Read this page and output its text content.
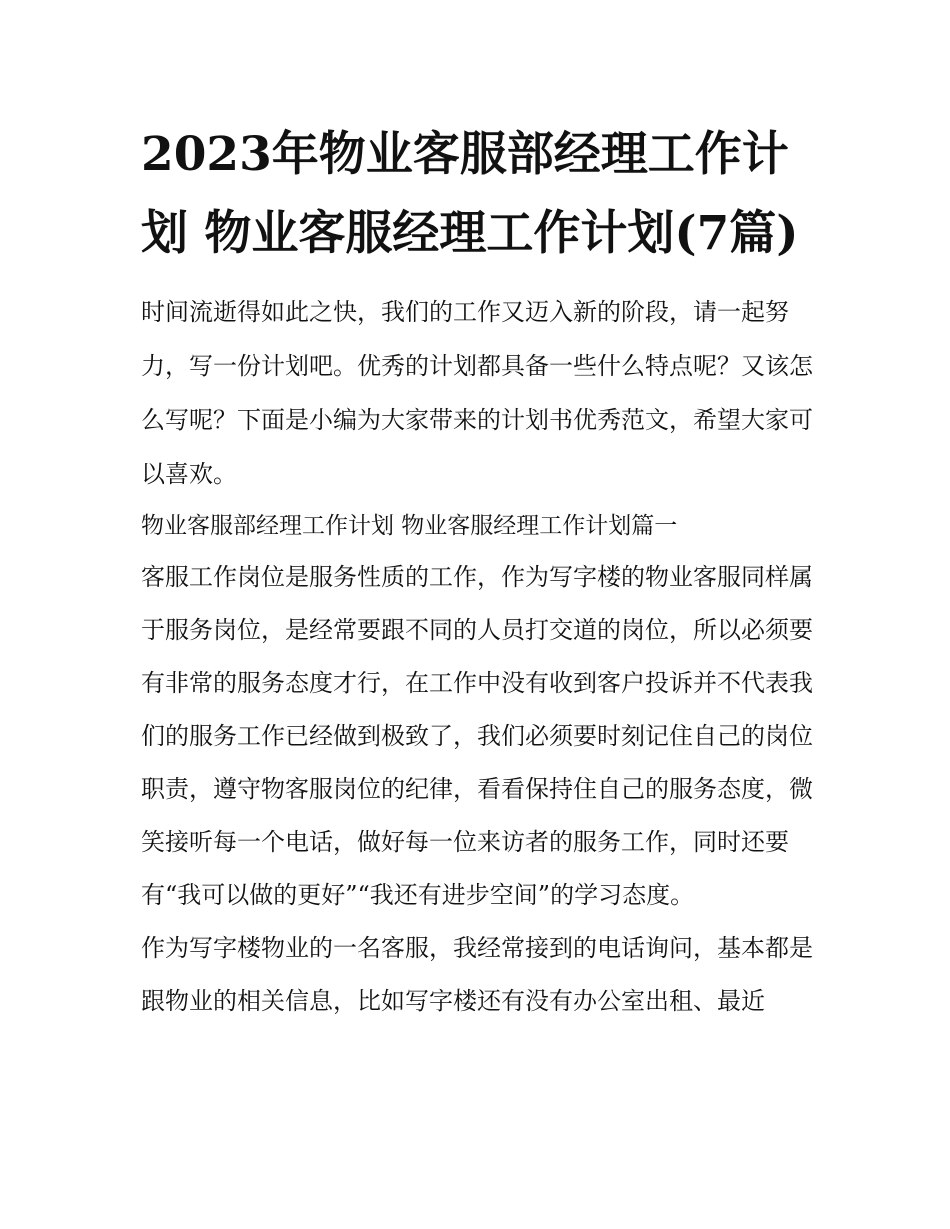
2023年物业客服部经理工作计划 物业客服经理工作计划(7篇)

时间流逝得如此之快，我们的工作又迈入新的阶段，请一起努力，写一份计划吧。优秀的计划都具备一些什么特点呢？又该怎么写呢？下面是小编为大家带来的计划书优秀范文，希望大家可以喜欢。

物业客服部经理工作计划 物业客服经理工作计划篇一

客服工作岗位是服务性质的工作，作为写字楼的物业客服同样属于服务岗位，是经常要跟不同的人员打交道的岗位，所以必须要有非常的服务态度才行，在工作中没有收到客户投诉并不代表我们的服务工作已经做到极致了，我们必须要时刻记住自己的岗位职责，遵守物客服岗位的纪律，看看保持住自己的服务态度，微笑接听每一个电话，做好每一位来访者的服务工作，同时还要有“我可以做的更好”“我还有进步空间”的学习态度。

作为写字楼物业的一名客服，我经常接到的电话询问，基本都是跟物业的相关信息，比如写字楼还有没有办公室出租、最近
